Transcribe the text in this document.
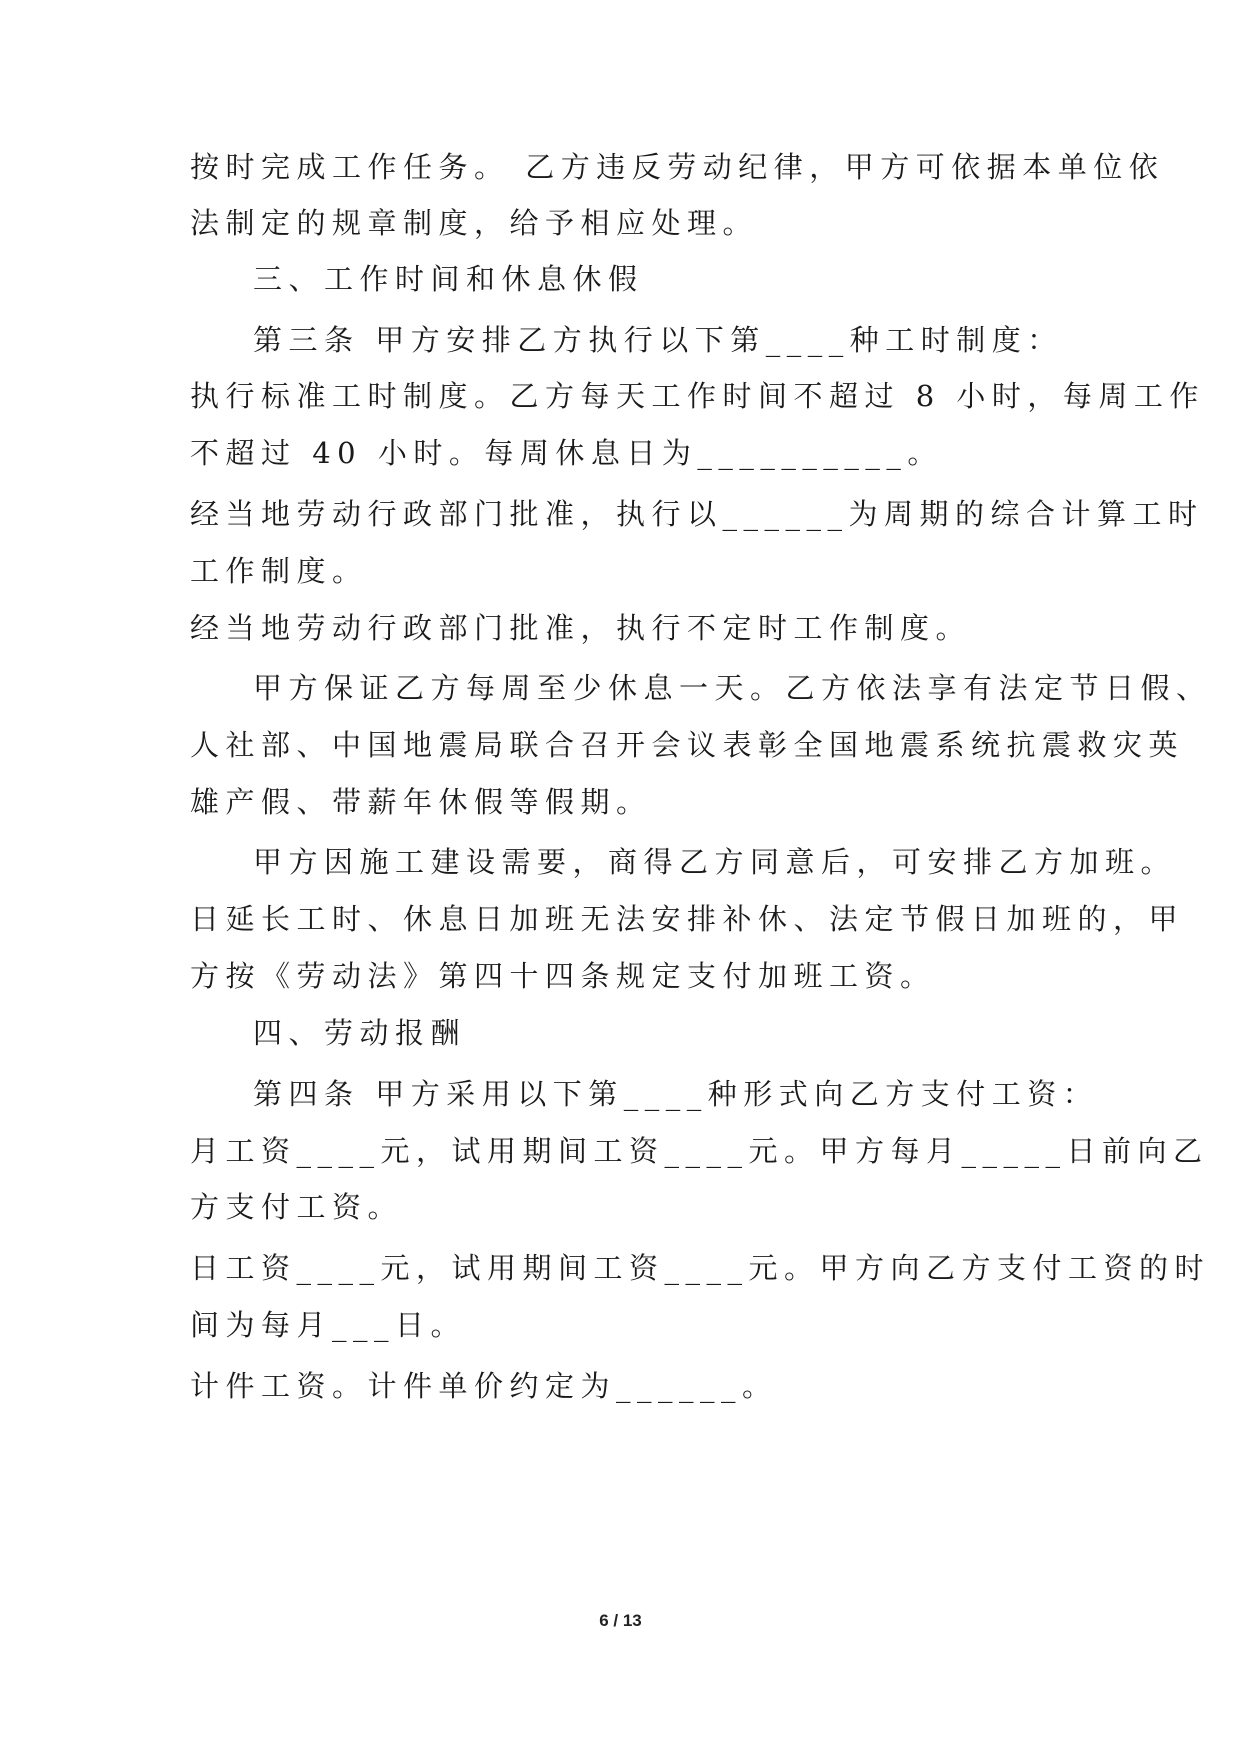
按时完成工作任务。 乙方违反劳动纪律，甲方可依据本单位依
法制定的规章制度，给予相应处理。
三、工作时间和休息休假
第三条 甲方安排乙方执行以下第____种工时制度：
执行标准工时制度。乙方每天工作时间不超过 8 小时，每周工作
不超过 40 小时。每周休息日为__________。
经当地劳动行政部门批准，执行以______为周期的综合计算工时
工作制度。
经当地劳动行政部门批准，执行不定时工作制度。
甲方保证乙方每周至少休息一天。乙方依法享有法定节日假、
人社部、中国地震局联合召开会议表彰全国地震系统抗震救灾英
雄产假、带薪年休假等假期。
甲方因施工建设需要，商得乙方同意后，可安排乙方加班。
日延长工时、休息日加班无法安排补休、法定节假日加班的，甲
方按《劳动法》第四十四条规定支付加班工资。
四、劳动报酬
第四条 甲方采用以下第____种形式向乙方支付工资：
月工资____元，试用期间工资____元。甲方每月_____日前向乙
方支付工资。
日工资____元，试用期间工资____元。甲方向乙方支付工资的时
间为每月___日。
计件工资。计件单价约定为______。
6 / 13
